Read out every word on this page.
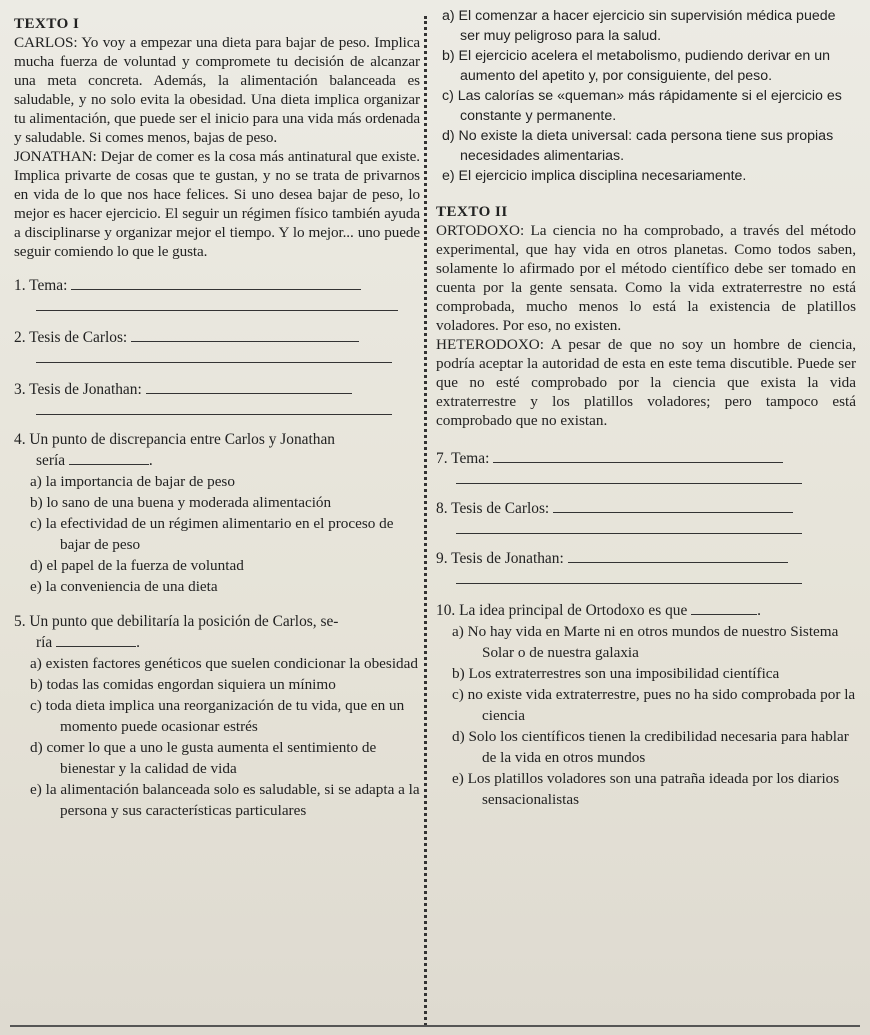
TEXTO I

CARLOS: Yo voy a empezar una dieta para bajar de peso. Implica mucha fuerza de voluntad y compromete tu decisión de alcanzar una meta concreta. Además, la alimentación balanceada es saludable, y no solo evita la obesidad. Una dieta implica organizar tu alimentación, que puede ser el inicio para una vida más ordenada y saludable. Si comes menos, bajas de peso.

JONATHAN: Dejar de comer es la cosa más antinatural que existe. Implica privarte de cosas que te gustan, y no se trata de privarnos en vida de lo que nos hace felices. Si uno desea bajar de peso, lo mejor es hacer ejercicio. El seguir un régimen físico también ayuda a disciplinarse y organizar mejor el tiempo. Y lo mejor... uno puede seguir comiendo lo que le gusta.

1. Tema:

2. Tesis de Carlos:

3. Tesis de Jonathan:

4. Un punto de discrepancia entre Carlos y Jonathan

sería	.

a) la importancia de bajar de peso

b) lo sano de una buena y moderada alimentación

c) la efectividad de un régimen alimentario en el proceso de bajar de peso

d) el papel de la fuerza de voluntad

e) la conveniencia de una dieta

5. Un punto que debilitaría la posición de Carlos, se-

ría	.

a) existen factores genéticos que suelen condicionar la obesidad

b) todas las comidas engordan siquiera un mínimo

c) toda dieta implica una reorganización de tu vida, que en un momento puede ocasionar estrés

d) comer lo que a uno le gusta aumenta el sentimiento de bienestar y la calidad de vida

e) la alimentación balanceada solo es saludable, si se adapta a la persona y sus características particulares

a) El comenzar a hacer ejercicio sin supervisión médica puede ser muy peligroso para la salud.

b) El ejercicio acelera el metabolismo, pudiendo derivar en un aumento del apetito y, por consiguiente, del peso.

c) Las calorías se «queman» más rápidamente si el ejercicio es constante y permanente.

d) No existe la dieta universal: cada persona tiene sus propias necesidades alimentarias.

e) El ejercicio implica disciplina necesariamente.

TEXTO II

ORTODOXO: La ciencia no ha comprobado, a través del método experimental, que hay vida en otros planetas. Como todos saben, solamente lo afirmado por el método científico debe ser tomado en cuenta por la gente sensata. Como la vida extraterrestre no está comprobada, mucho menos lo está la existencia de platillos voladores. Por eso, no existen.

HETERODOXO: A pesar de que no soy un hombre de ciencia, podría aceptar la autoridad de esta en este tema discutible. Puede ser que no esté comprobado por la ciencia que exista la vida extraterrestre y los platillos voladores; pero tampoco está comprobado que no existan.

7. Tema:

8. Tesis de Carlos:

9. Tesis de Jonathan:

10. La idea principal de Ortodoxo es que	.

a) No hay vida en Marte ni en otros mundos de nuestro Sistema Solar o de nuestra galaxia

b) Los extraterrestres son una imposibilidad científica

c) no existe vida extraterrestre, pues no ha sido comprobada por la ciencia

d) Solo los científicos tienen la credibilidad necesaria para hablar de la vida en otros mundos

e) Los platillos voladores son una patraña ideada por los diarios sensacionalistas
